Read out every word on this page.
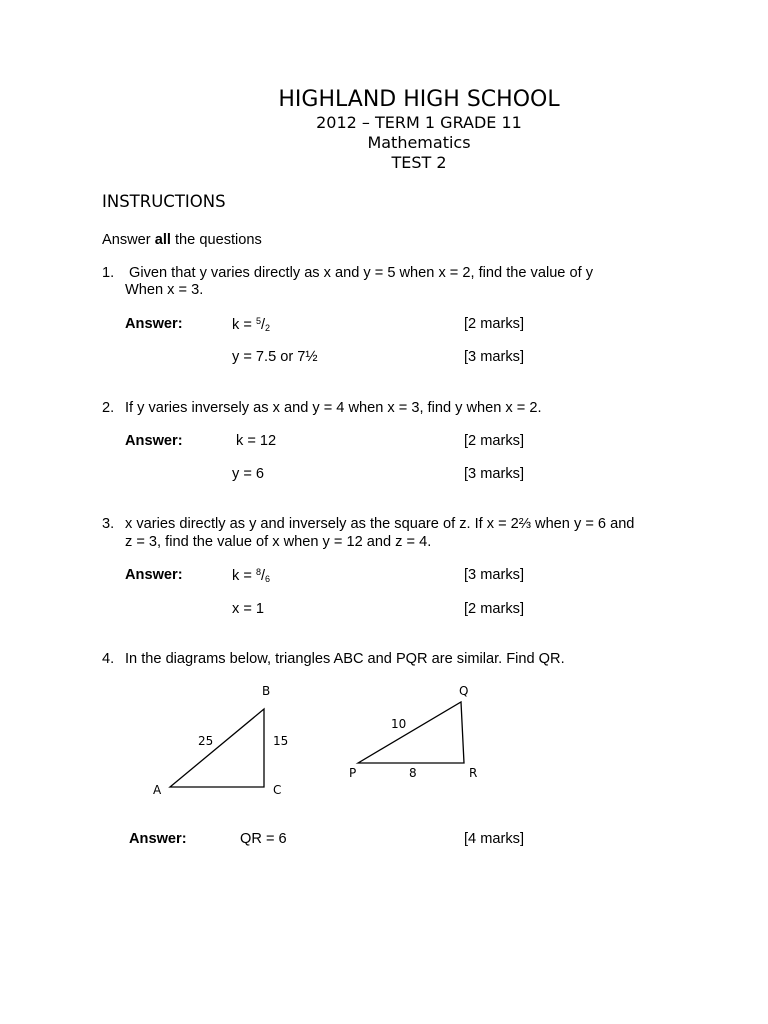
HIGHLAND HIGH SCHOOL
2012 – TERM 1 GRADE 11
Mathematics
TEST 2
INSTRUCTIONS
Answer all the questions
1. Given that y varies directly as x and y = 5 when x = 2, find the value of y
When x = 3.
Answer:	$k = ^5/_2$	[2 marks]
y = 7.5 or 7½	[3 marks]
2. If y varies inversely as x and y = 4 when x = 3, find y when x = 2.
Answer:	k = 12	[2 marks]
y = 6	[3 marks]
3. x varies directly as y and inversely as the square of z. If x = 2⅔ when y = 6 and
z = 3, find the value of x when y = 12 and z = 4.
Answer:	$k = ^8/_6$	[3 marks]
x = 1	[2 marks]
4. In the diagrams below, triangles ABC and PQR are similar. Find QR.
B
A	C
25	15
Q
P	R
10
8
Answer:	QR = 6	[4 marks]
